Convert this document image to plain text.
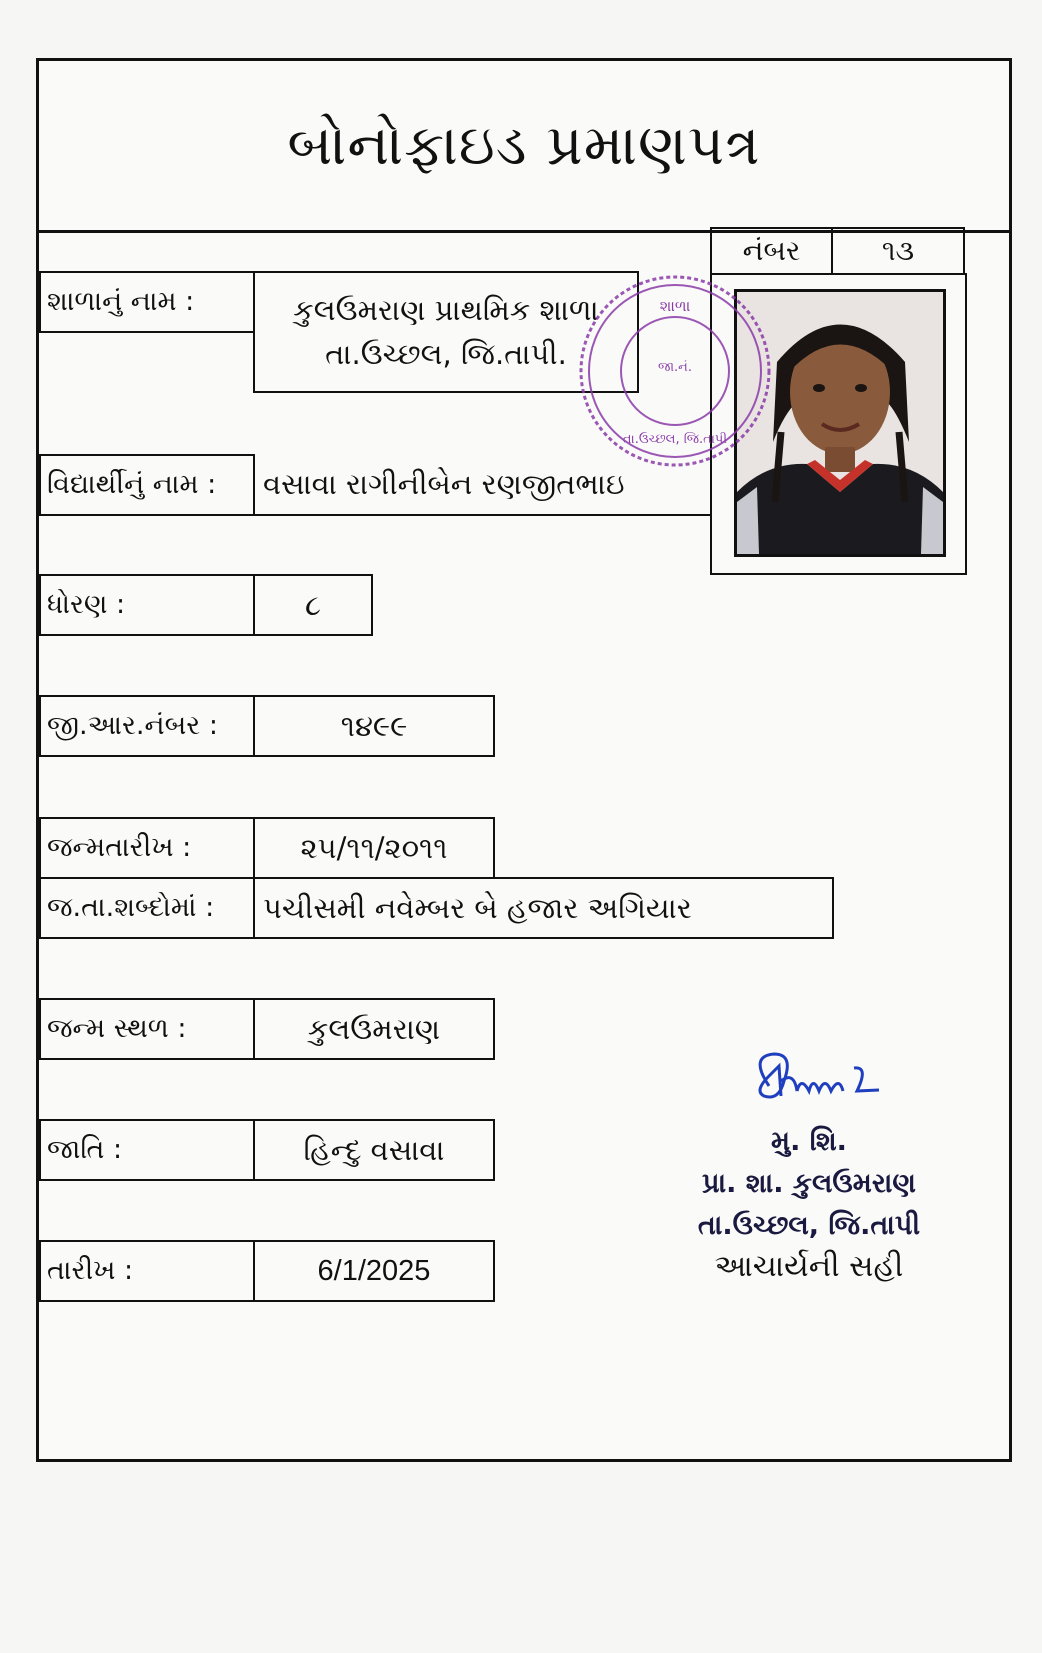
બોનોફાઇડ પ્રમાણપત્ર
નંબર	૧૩
શાળાનું નામ :	કુલઉમરાણ પ્રાથમિક શાળા
તા.ઉચ્છલ, જિ.તાપી.
શાળા
જા.નં.
તા.ઉચ્છલ, જિ.તાપી
વિદ્યાર્થીનું નામ :	વસાવા રાગીનીબેન રણજીતભાઇ
ધોરણ :	૮
જી.આર.નંબર :	૧૪૯૯
જન્મતારીખ :	૨૫/૧૧/૨૦૧૧
જ.તા.શબ્દોમાં :	પચીસમી નવેમ્બર બે હજાર અગિયાર
જન્મ સ્થળ :	કુલઉમરાણ
જાતિ :	હિન્દુ વસાવા
તારીખ :	6/1/2025
મુ. શિ.
પ્રા. શા. કુલઉમરાણ
તા.ઉચ્છલ, જિ.તાપી
આચાર્યની સહી
